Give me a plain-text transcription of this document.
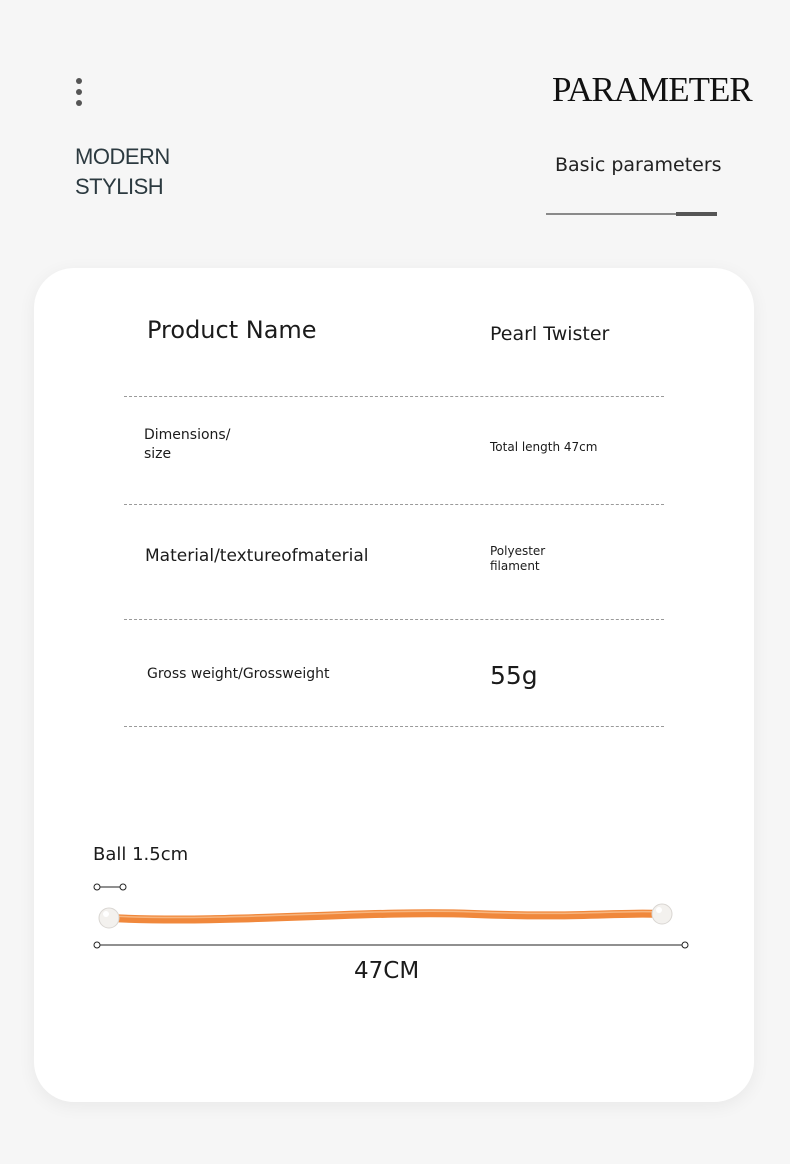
MODERN
STYLISH
PARAMETER
Basic parameters
Product Name	Pearl Twister
Dimensions/
size	Total length 47cm
Material/textureofmaterial	Polyester
filament
Gross weight/Grossweight	55g
Ball 1.5cm
47CM
